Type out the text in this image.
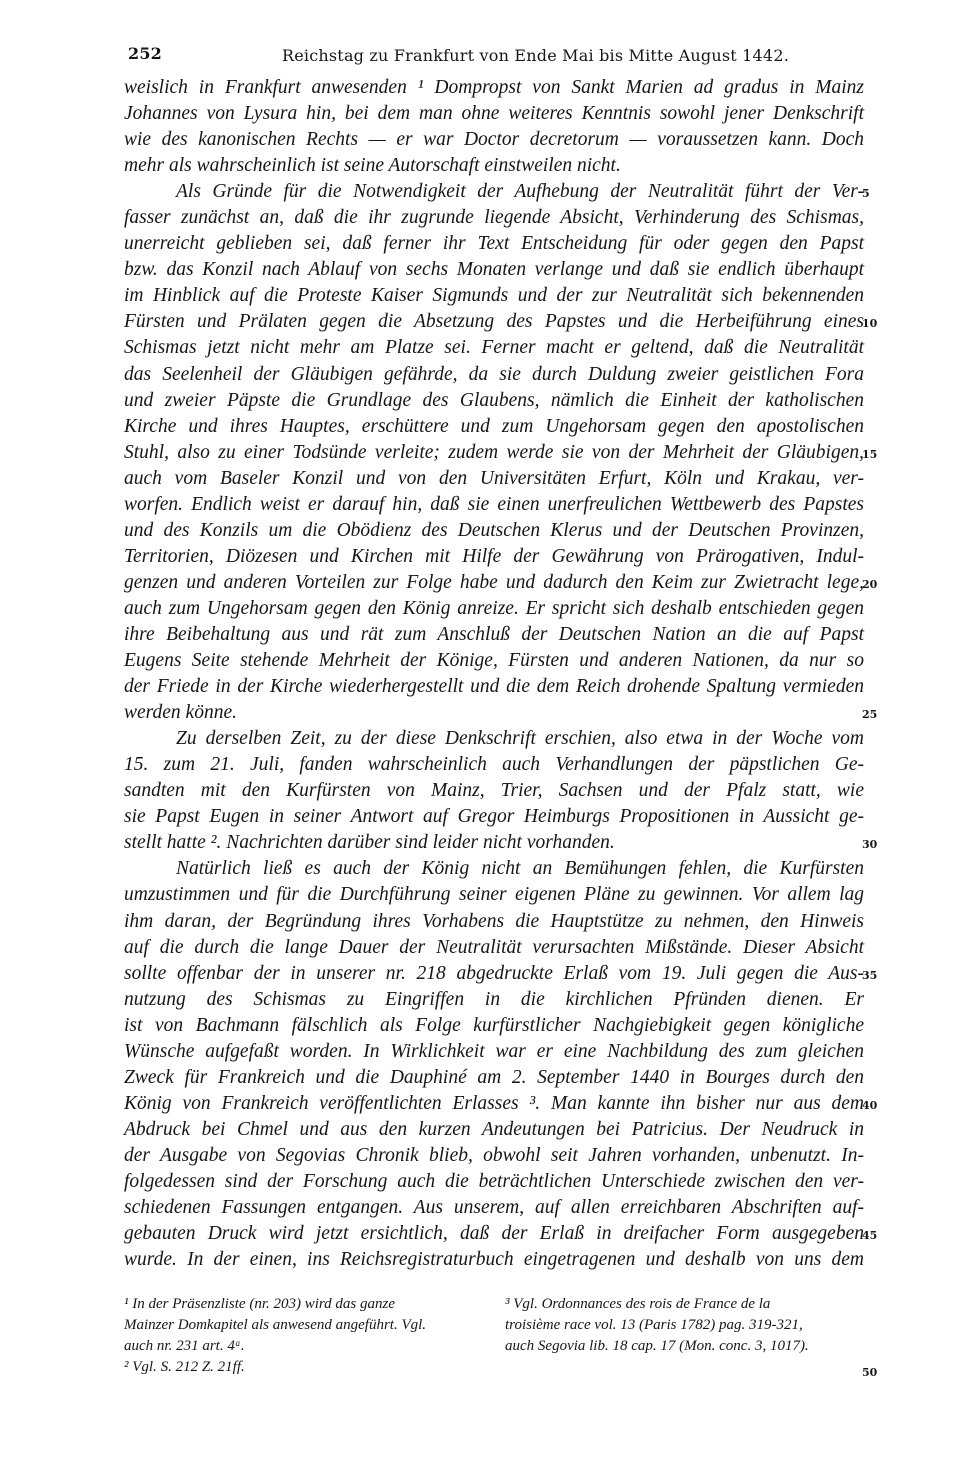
252	Reichstag zu Frankfurt von Ende Mai bis Mitte August 1442.
weislich in Frankfurt anwesenden ¹ Dompropst von Sankt Marien ad gradus in Mainz
Johannes von Lysura hin, bei dem man ohne weiteres Kenntnis sowohl jener Denkschrift
wie des kanonischen Rechts — er war Doctor decretorum — voraussetzen kann. Doch
mehr als wahrscheinlich ist seine Autorschaft einstweilen nicht.
Als Gründe für die Notwendigkeit der Aufhebung der Neutralität führt der Ver-
fasser zunächst an, daß die ihr zugrunde liegende Absicht, Verhinderung des Schismas,
unerreicht geblieben sei, daß ferner ihr Text Entscheidung für oder gegen den Papst
bzw. das Konzil nach Ablauf von sechs Monaten verlange und daß sie endlich überhaupt
im Hinblick auf die Proteste Kaiser Sigmunds und der zur Neutralität sich bekennenden
Fürsten und Prälaten gegen die Absetzung des Papstes und die Herbeiführung eines
Schismas jetzt nicht mehr am Platze sei. Ferner macht er geltend, daß die Neutralität
das Seelenheil der Gläubigen gefährde, da sie durch Duldung zweier geistlichen Fora
und zweier Päpste die Grundlage des Glaubens, nämlich die Einheit der katholischen
Kirche und ihres Hauptes, erschüttere und zum Ungehorsam gegen den apostolischen
Stuhl, also zu einer Todsünde verleite; zudem werde sie von der Mehrheit der Gläubigen,
auch vom Baseler Konzil und von den Universitäten Erfurt, Köln und Krakau, ver-
worfen. Endlich weist er darauf hin, daß sie einen unerfreulichen Wettbewerb des Papstes
und des Konzils um die Obödienz des Deutschen Klerus und der Deutschen Provinzen,
Territorien, Diözesen und Kirchen mit Hilfe der Gewährung von Prärogativen, Indul-
genzen und anderen Vorteilen zur Folge habe und dadurch den Keim zur Zwietracht lege,
auch zum Ungehorsam gegen den König anreize. Er spricht sich deshalb entschieden gegen
ihre Beibehaltung aus und rät zum Anschluß der Deutschen Nation an die auf Papst
Eugens Seite stehende Mehrheit der Könige, Fürsten und anderen Nationen, da nur so
der Friede in der Kirche wiederhergestellt und die dem Reich drohende Spaltung vermieden
werden könne.
Zu derselben Zeit, zu der diese Denkschrift erschien, also etwa in der Woche vom
15. zum 21. Juli, fanden wahrscheinlich auch Verhandlungen der päpstlichen Ge-
sandten mit den Kurfürsten von Mainz, Trier, Sachsen und der Pfalz statt, wie
sie Papst Eugen in seiner Antwort auf Gregor Heimburgs Propositionen in Aussicht ge-
stellt hatte ². Nachrichten darüber sind leider nicht vorhanden.
Natürlich ließ es auch der König nicht an Bemühungen fehlen, die Kurfürsten
umzustimmen und für die Durchführung seiner eigenen Pläne zu gewinnen. Vor allem lag
ihm daran, der Begründung ihres Vorhabens die Hauptstütze zu nehmen, den Hinweis
auf die durch die lange Dauer der Neutralität verursachten Mißstände. Dieser Absicht
sollte offenbar der in unserer nr. 218 abgedruckte Erlaß vom 19. Juli gegen die Aus-
nutzung des Schismas zu Eingriffen in die kirchlichen Pfründen dienen. Er
ist von Bachmann fälschlich als Folge kurfürstlicher Nachgiebigkeit gegen königliche
Wünsche aufgefaßt worden. In Wirklichkeit war er eine Nachbildung des zum gleichen
Zweck für Frankreich und die Dauphiné am 2. September 1440 in Bourges durch den
König von Frankreich veröffentlichten Erlasses ³. Man kannte ihn bisher nur aus dem
Abdruck bei Chmel und aus den kurzen Andeutungen bei Patricius. Der Neudruck in
der Ausgabe von Segovias Chronik blieb, obwohl seit Jahren vorhanden, unbenutzt. In-
folgedessen sind der Forschung auch die beträchtlichen Unterschiede zwischen den ver-
schiedenen Fassungen entgangen. Aus unserem, auf allen erreichbaren Abschriften auf-
gebauten Druck wird jetzt ersichtlich, daß der Erlaß in dreifacher Form ausgegeben
wurde. In der einen, ins Reichsregistraturbuch eingetragenen und deshalb von uns dem
5
10
15
20
25
30
35
40
45
¹ In der Präsenzliste (nr. 203) wird das ganze
Mainzer Domkapitel als anwesend angeführt. Vgl.
auch nr. 231 art. 4ᵃ.
² Vgl. S. 212 Z. 21ff.
³ Vgl. Ordonnances des rois de France de la
troisième race vol. 13 (Paris 1782) pag. 319-321,
auch Segovia lib. 18 cap. 17 (Mon. conc. 3, 1017).
50
